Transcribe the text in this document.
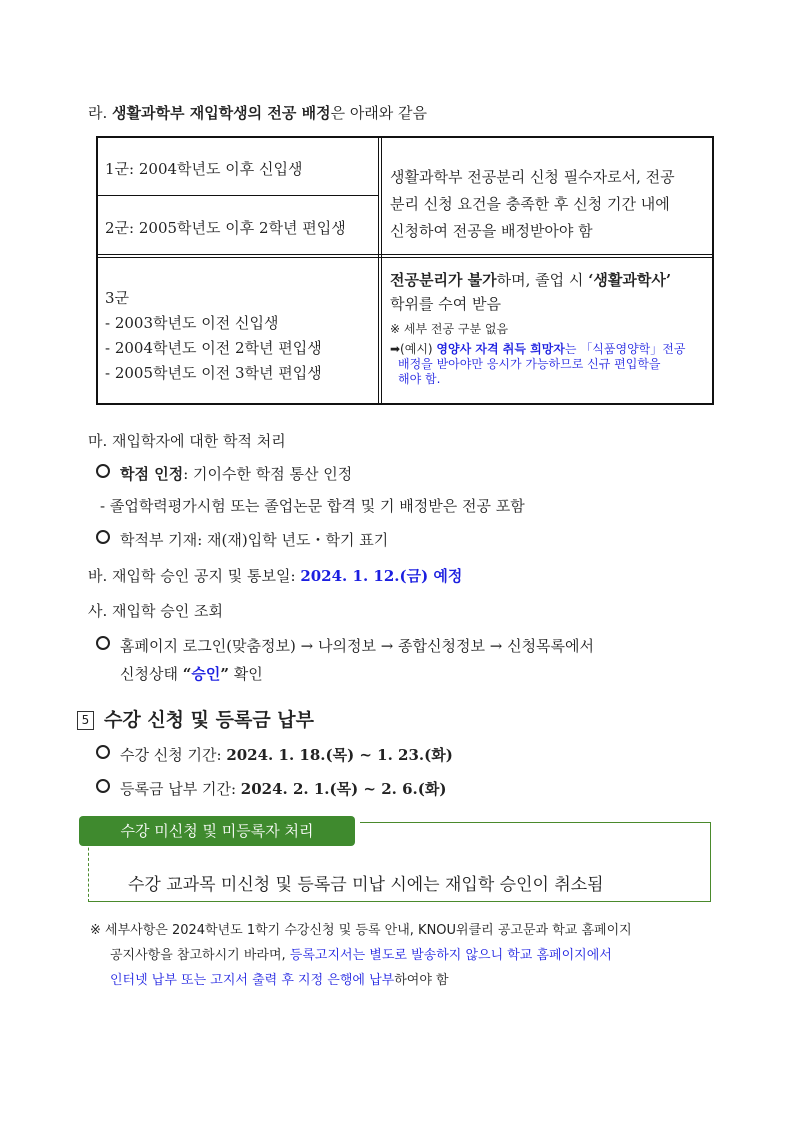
라. 생활과학부 재입학생의 전공 배정은 아래와 같음
1군: 2004학년도 이후 신입생
2군: 2005학년도 이후 2학년 편입생
생활과학부 전공분리 신청 필수자로서, 전공
분리 신청 요건을 충족한 후 신청 기간 내에
신청하여 전공을 배정받아야 함
3군
- 2003학년도 이전 신입생
- 2004학년도 이전 2학년 편입생
- 2005학년도 이전 3학년 편입생
전공분리가 불가하며, 졸업 시 ‘생활과학사’
학위를 수여 받음
※ 세부 전공 구분 없음
➡(예시) 영양사 자격 취득 희망자는 「식품영양학」전공
배정을 받아야만 응시가 가능하므로 신규 편입학을
해야 함.
마. 재입학자에 대한 학적 처리
학점 인정: 기이수한 학점 통산 인정
- 졸업학력평가시험 또는 졸업논문 합격 및 기 배정받은 전공 포함
학적부 기재: 재(재)입학 년도・학기 표기
바. 재입학 승인 공지 및 통보일: 2024. 1. 12.(금) 예정
사. 재입학 승인 조회
홈페이지 로그인(맞춤정보) → 나의정보 → 종합신청정보 → 신청목록에서
신청상태 “승인” 확인
5 수강 신청 및 등록금 납부
수강 신청 기간: 2024. 1. 18.(목) ~ 1. 23.(화)
등록금 납부 기간: 2024. 2. 1.(목) ~ 2. 6.(화)
수강 미신청 및 미등록자 처리
수강 교과목 미신청 및 등록금 미납 시에는 재입학 승인이 취소됨
※ 세부사항은 2024학년도 1학기 수강신청 및 등록 안내, KNOU위클리 공고문과 학교 홈페이지
공지사항을 참고하시기 바라며, 등록고지서는 별도로 발송하지 않으니 학교 홈페이지에서
인터넷 납부 또는 고지서 출력 후 지정 은행에 납부하여야 함
